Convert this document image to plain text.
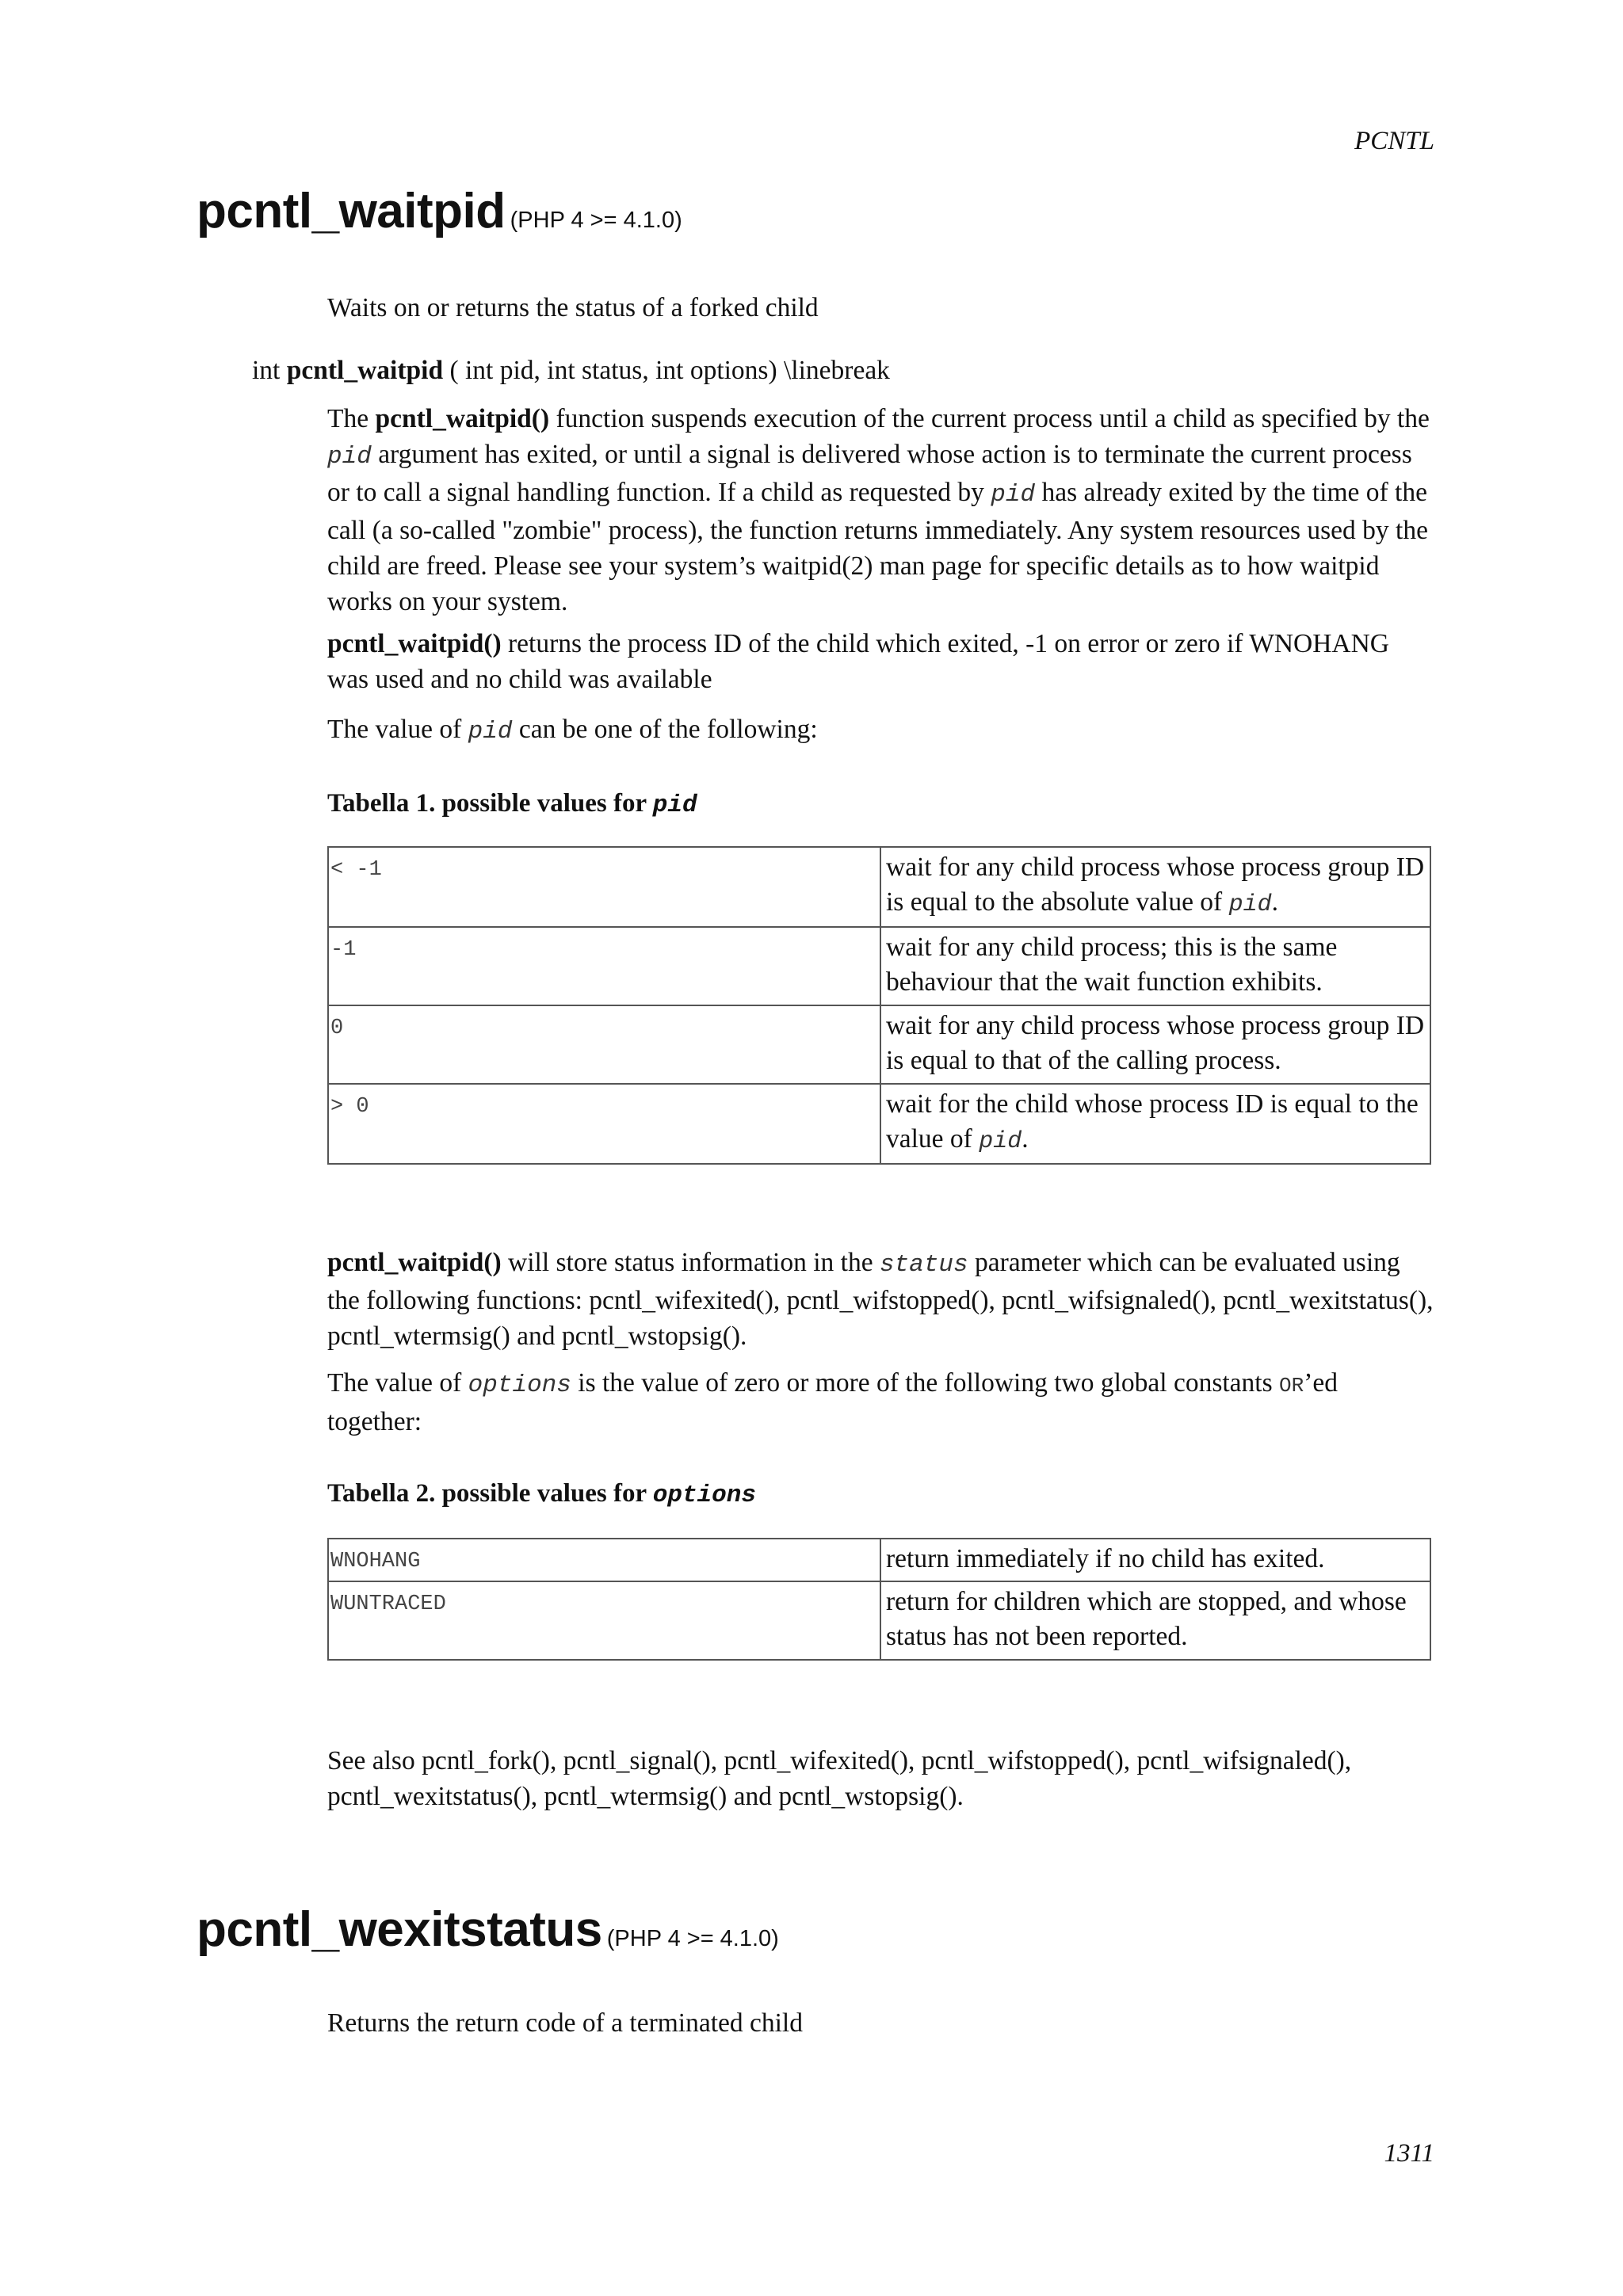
PCNTL
pcntl_waitpid (PHP 4 >= 4.1.0)

Waits on or returns the status of a forked child

int pcntl_waitpid ( int pid, int status, int options) \linebreak

The pcntl_waitpid() function suspends execution of the current process until a child as specified by the pid argument has exited, or until a signal is delivered whose action is to terminate the current process or to call a signal handling function. If a child as requested by pid has already exited by the time of the call (a so-called "zombie" process), the function returns immediately. Any system resources used by the child are freed. Please see your system’s waitpid(2) man page for specific details as to how waitpid works on your system.

pcntl_waitpid() returns the process ID of the child which exited, -1 on error or zero if WNOHANG was used and no child was available

The value of pid can be one of the following:

Tabella 1. possible values for pid
< -1	wait for any child process whose process group ID is equal to the absolute value of pid.
-1	wait for any child process; this is the same behaviour that the wait function exhibits.
0	wait for any child process whose process group ID is equal to that of the calling process.
> 0	wait for the child whose process ID is equal to the value of pid.

pcntl_waitpid() will store status information in the status parameter which can be evaluated using the following functions: pcntl_wifexited(), pcntl_wifstopped(), pcntl_wifsignaled(), pcntl_wexitstatus(), pcntl_wtermsig() and pcntl_wstopsig().

The value of options is the value of zero or more of the following two global constants OR’ed together:

Tabella 2. possible values for options
WNOHANG	return immediately if no child has exited.
WUNTRACED	return for children which are stopped, and whose status has not been reported.

See also pcntl_fork(), pcntl_signal(), pcntl_wifexited(), pcntl_wifstopped(), pcntl_wifsignaled(), pcntl_wexitstatus(), pcntl_wtermsig() and pcntl_wstopsig().

pcntl_wexitstatus (PHP 4 >= 4.1.0)

Returns the return code of a terminated child

1311
